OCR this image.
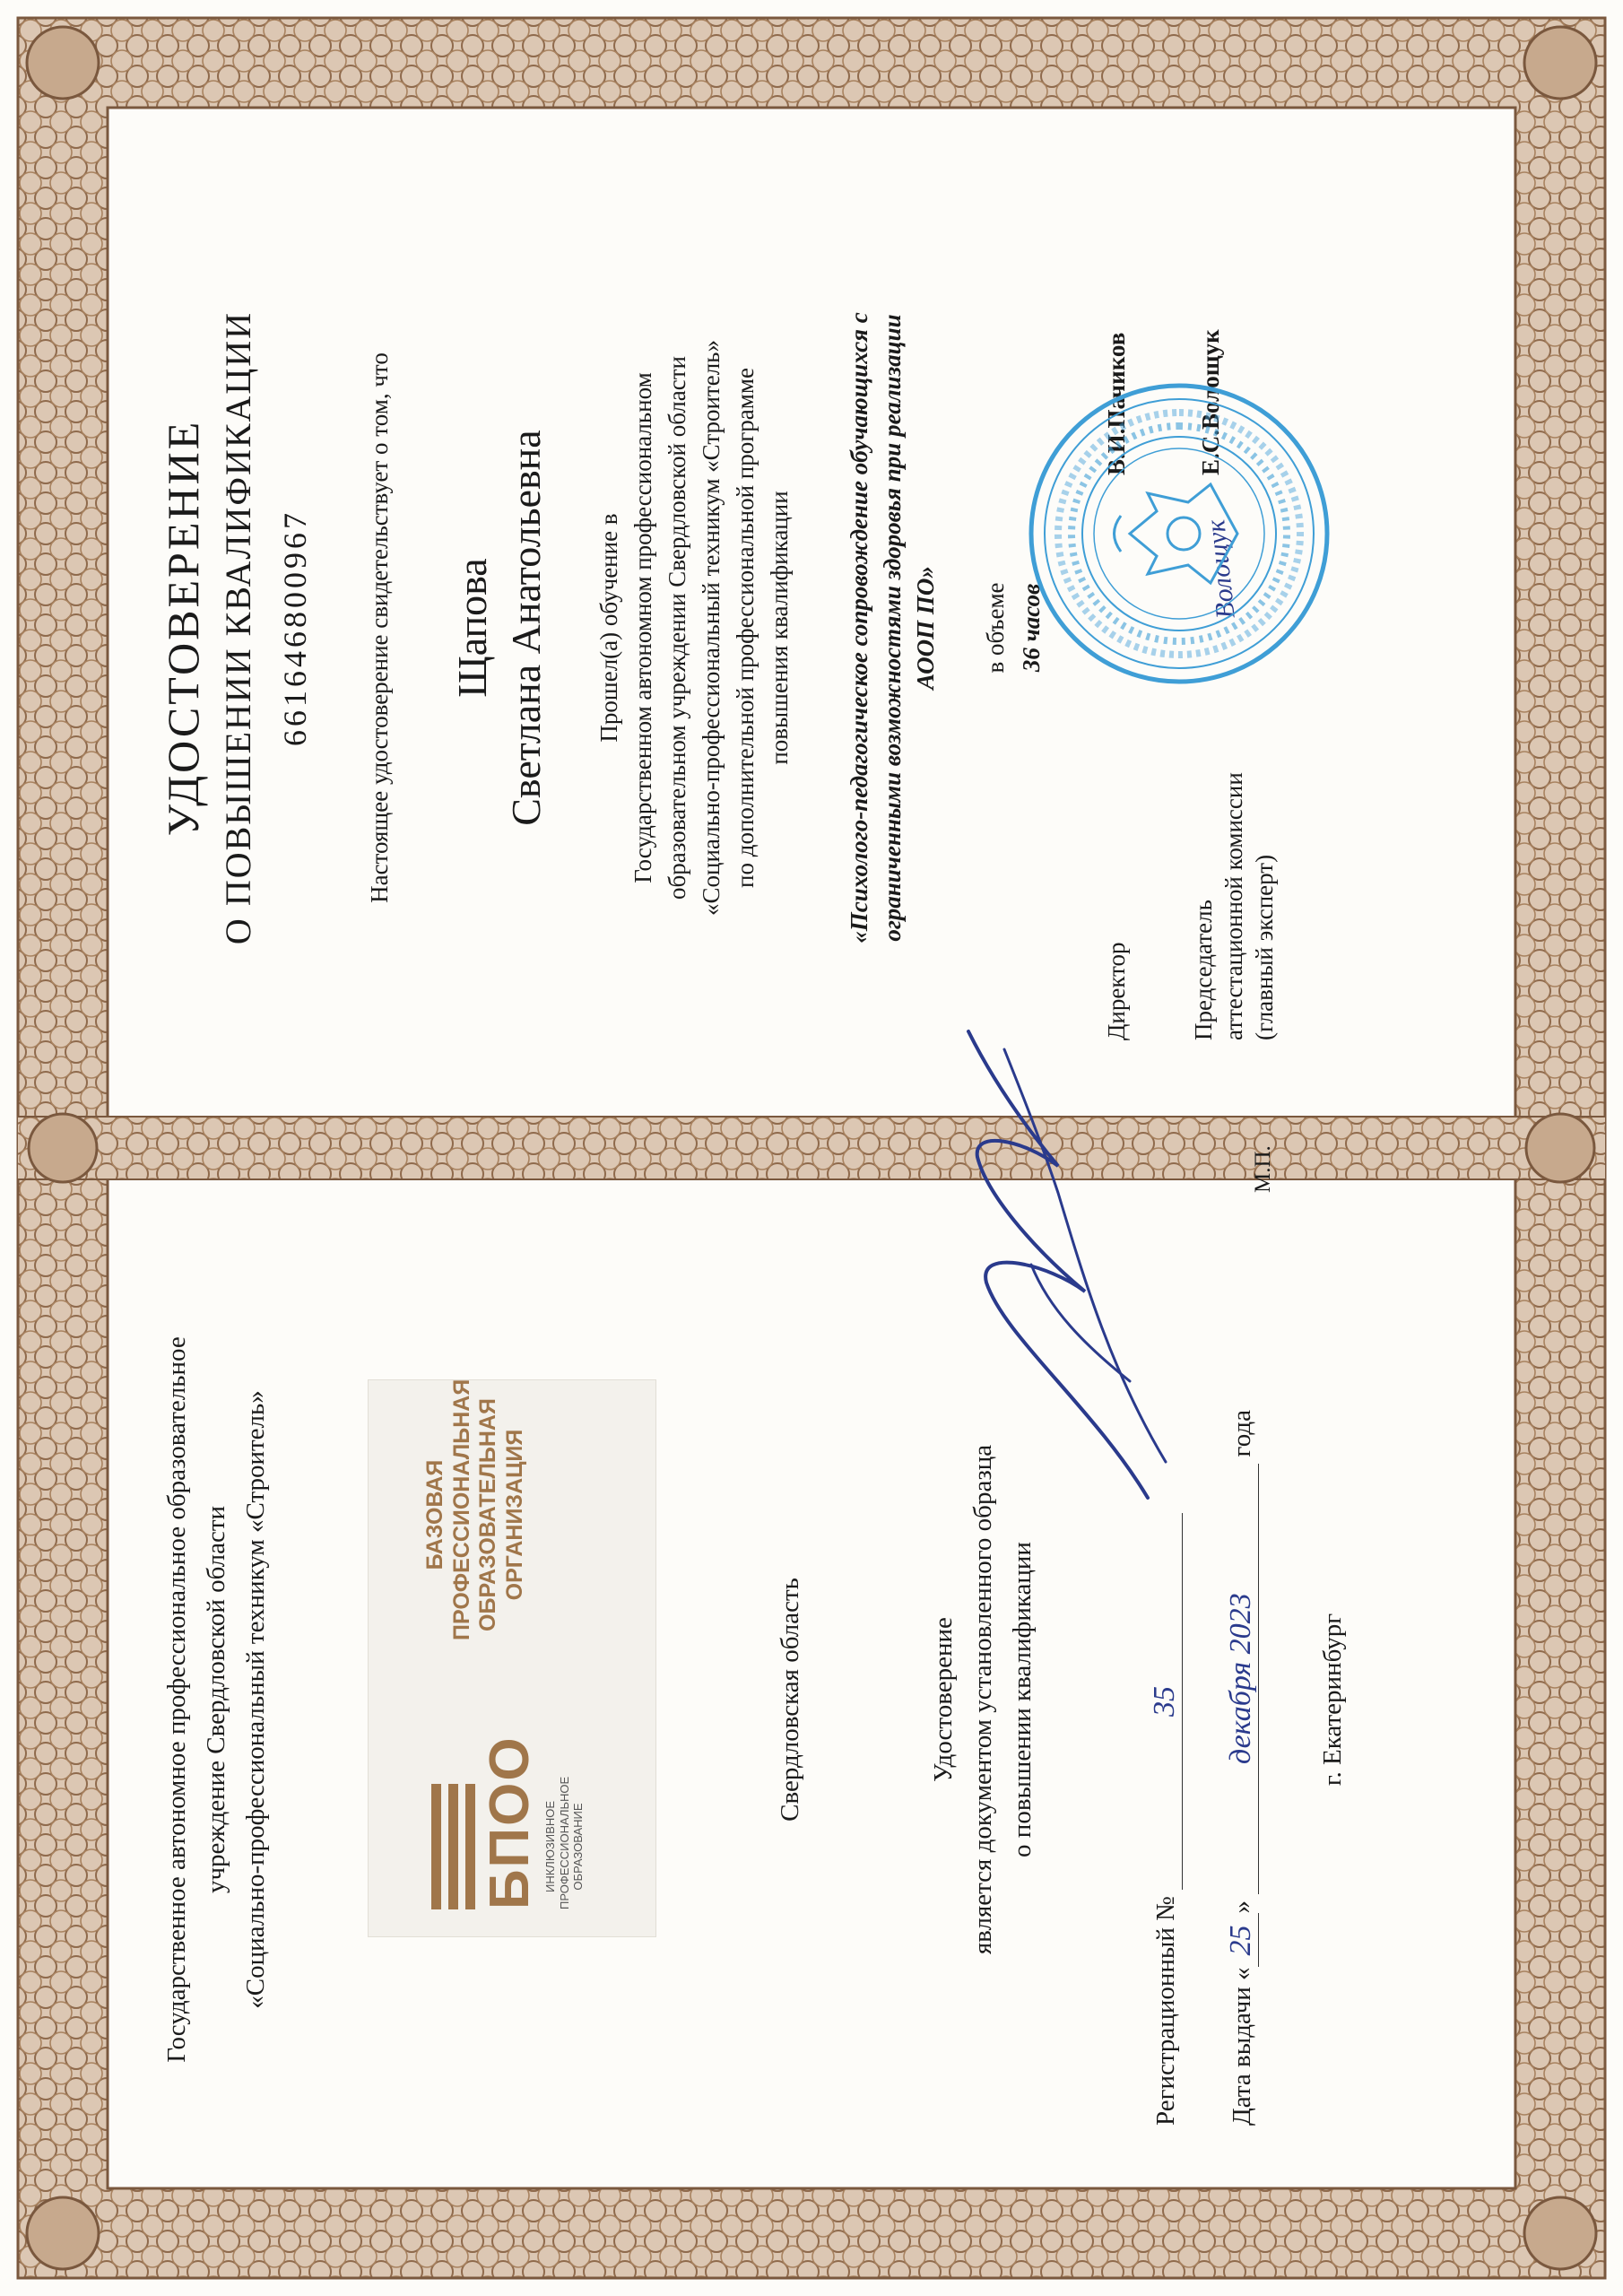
Государственное автономное профессиональное образовательное учреждение Свердловской области «Социально-профессиональный техникум «Строитель»	БПОО ИНКЛЮЗИВНОЕ ПРОФЕССИОНАЛЬНОЕ ОБРАЗОВАНИЕ
БАЗОВАЯ ПРОФЕССИОНАЛЬНАЯ ОБРАЗОВАТЕЛЬНАЯ ОРГАНИЗАЦИЯ
Свердловская область	Удостоверение является документом установленного образца о повышении квалификации
Регистрационный № 35
Дата выдачи «25» декабря 2023 года
г. Екатеринбург
УДОСТОВЕРЕНИЕ О ПОВЫШЕНИИ КВАЛИФИКАЦИИ 661646800967 Настоящее удостоверение свидетельствует о том, что Щапова Светлана Анатольевна Прошел(а) обучение в Государственном автономном профессиональном образовательном учреждении Свердловской области «Социально-профессиональный техникум «Строитель» по дополнительной профессиональной программе повышения квалификации «Психолого-педагогическое сопровождение обучающихся с ограниченными возможностями здоровья при реализации АООП ПО» в объеме 36 часов
Директор
В.И.Пачиков
Председатель аттестационной комиссии (главный эксперт)
Е.С.Волощук
М.П.
Волощук
